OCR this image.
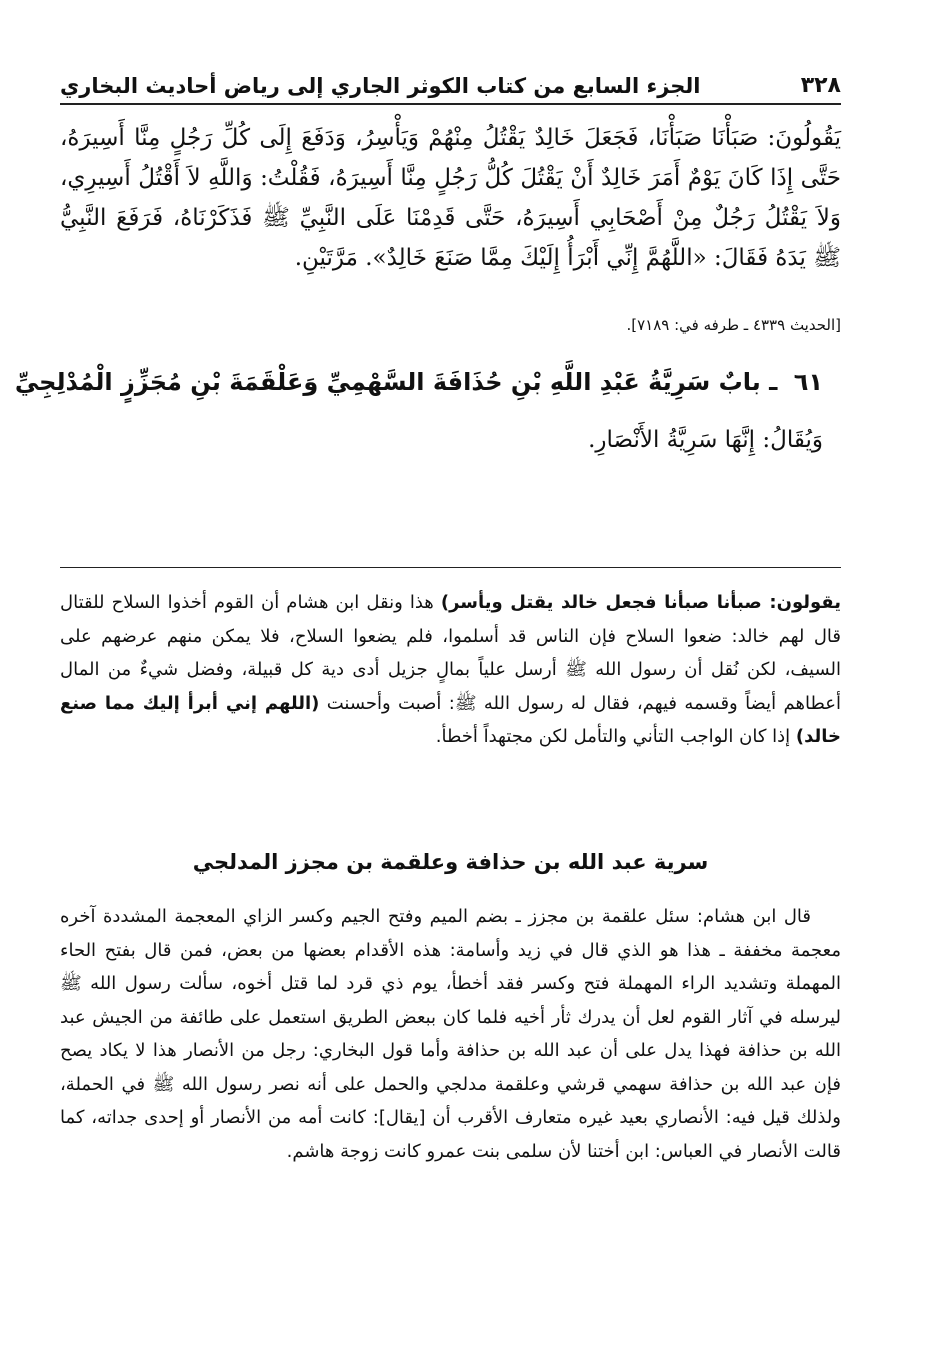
٣٢٨
الجزء السابع من كتاب الكوثر الجاري إلى رياض أحاديث البخاري

يَقُولُونَ: صَبَأْنَا صَبَأْنَا، فَجَعَلَ خَالِدٌ يَقْتُلُ مِنْهُمْ وَيَأْسِرُ، وَدَفَعَ إِلَى كُلِّ رَجُلٍ مِنَّا أَسِيرَهُ، حَتَّى إِذَا كَانَ يَوْمٌ أَمَرَ خَالِدٌ أَنْ يَقْتُلَ كُلُّ رَجُلٍ مِنَّا أَسِيرَهُ، فَقُلْتُ: وَاللَّهِ لاَ أَقْتُلُ أَسِيرِي، وَلاَ يَقْتُلُ رَجُلٌ مِنْ أَصْحَابِي أَسِيرَهُ، حَتَّى قَدِمْنَا عَلَى النَّبِيِّ ﷺ فَذَكَرْنَاهُ، فَرَفَعَ النَّبِيُّ ﷺ يَدَهُ فَقَالَ: «اللَّهُمَّ إِنِّي أَبْرَأُ إِلَيْكَ مِمَّا صَنَعَ خَالِدٌ». مَرَّتَيْنِ.

[الحديث ٤٣٣٩ ـ طرفه في: ٧١٨٩].
٦١ ـ بابٌ سَرِيَّةُ عَبْدِ اللَّهِ بْنِ حُذَافَةَ السَّهْمِيِّ وَعَلْقَمَةَ بْنِ مُجَزِّزٍ الْمُدْلِجِيِّ
وَيُقَالُ: إِنَّهَا سَرِيَّةُ الأَنْصَارِ.

يقولون: صبأنا صبأنا فجعل خالد يقتل ويأسر) هذا ونقل ابن هشام أن القوم أخذوا السلاح للقتال قال لهم خالد: ضعوا السلاح فإن الناس قد أسلموا، فلم يضعوا السلاح، فلا يمكن منهم عرضهم على السيف، لكن نُقل أن رسول الله ﷺ أرسل علياً بمالٍ جزيل أدى دية كل قبيلة، وفضل شيءٌ من المال أعطاهم أيضاً وقسمه فيهم، فقال له رسول الله ﷺ: أصبت وأحسنت (اللهم إني أبرأ إليك مما صنع خالد) إذا كان الواجب التأني والتأمل لكن مجتهداً أخطأ.

سرية عبد الله بن حذافة وعلقمة بن مجزز المدلجي
قال ابن هشام: سئل علقمة بن مجزز ـ بضم الميم وفتح الجيم وكسر الزاي المعجمة المشددة آخره معجمة مخففة ـ هذا هو الذي قال في زيد وأسامة: هذه الأقدام بعضها من بعض، فمن قال بفتح الحاء المهملة وتشديد الراء المهملة فتح وكسر فقد أخطأ، يوم ذي قرد لما قتل أخوه، سألت رسول الله ﷺ ليرسله في آثار القوم لعل أن يدرك ثأر أخيه فلما كان ببعض الطريق استعمل على طائفة من الجيش عبد الله بن حذافة فهذا يدل على أن عبد الله بن حذافة وأما قول البخاري: رجل من الأنصار هذا لا يكاد يصح فإن عبد الله بن حذافة سهمي قرشي وعلقمة مدلجي والحمل على أنه نصر رسول الله ﷺ في الحملة، ولذلك قيل فيه: الأنصاري بعيد غيره متعارف الأقرب أن [يقال]: كانت أمه من الأنصار أو إحدى جداته، كما قالت الأنصار في العباس: ابن أختنا لأن سلمى بنت عمرو كانت زوجة هاشم.
